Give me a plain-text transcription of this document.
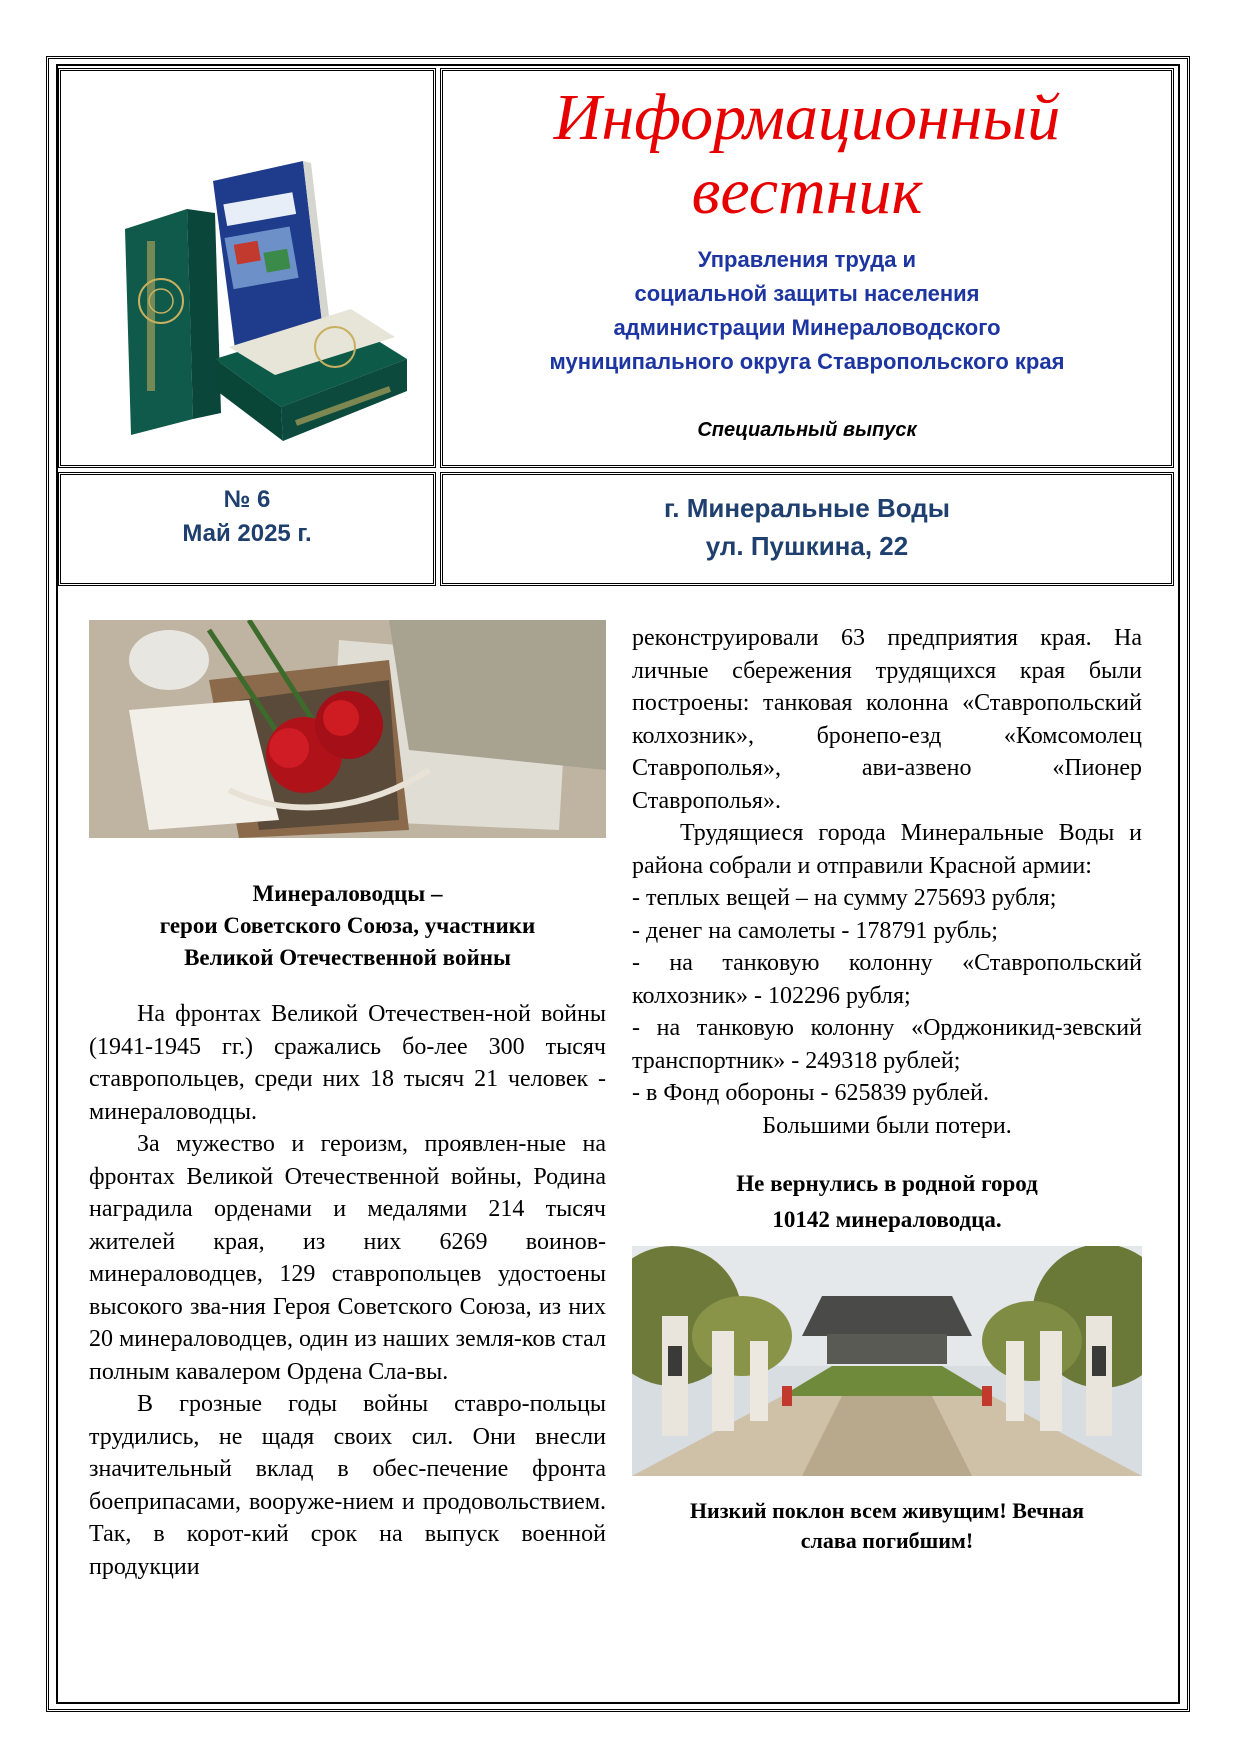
Информационный
вестник
Управления труда и
социальной защиты населения
администрации Минераловодского
муниципального округа Ставропольского края
Специальный выпуск
№ 6
Май 2025 г.
г. Минеральные Воды
ул. Пушкина, 22

Минераловодцы –

герои Советского Союза, участники

Великой Отечественной войны

На фронтах Великой Отечествен-ной войны (1941-1945 гг.) сражались бо-лее 300 тысяч ставропольцев, среди них 18 тысяч 21 человек - минераловодцы.

За мужество и героизм, проявлен-ные на фронтах Великой Отечественной войны, Родина наградила орденами и медалями 214 тысяч жителей края, из них 6269 воинов-минераловодцев, 129 ставропольцев удостоены высокого зва-ния Героя Советского Союза, из них 20 минераловодцев, один из наших земля-ков стал полным кавалером Ордена Сла-вы.

В грозные годы войны ставро-польцы трудились, не щадя своих сил. Они внесли значительный вклад в обес-печение фронта боеприпасами, вооруже-нием и продовольствием. Так, в корот-кий срок на выпуск военной продукции

реконструировали 63 предприятия края. На личные сбережения трудящихся края были построены: танковая колонна «Ставропольский колхозник», бронепо-езд «Комсомолец Ставрополья», ави-азвено «Пионер Ставрополья».

Трудящиеся города Минеральные Воды и района собрали и отправили Красной армии:

- теплых вещей – на сумму 275693 рубля;

- денег на самолеты - 178791 рубль;

- на танковую колонну «Ставропольский колхозник» - 102296 рубля;

- на танковую колонну «Орджоникид-зевский транспортник» - 249318 рублей;

- в Фонд обороны - 625839 рублей.

Большими были потери.

Не вернулись в родной город

10142 минераловодца.

Низкий поклон всем живущим! Вечная

слава погибшим!
